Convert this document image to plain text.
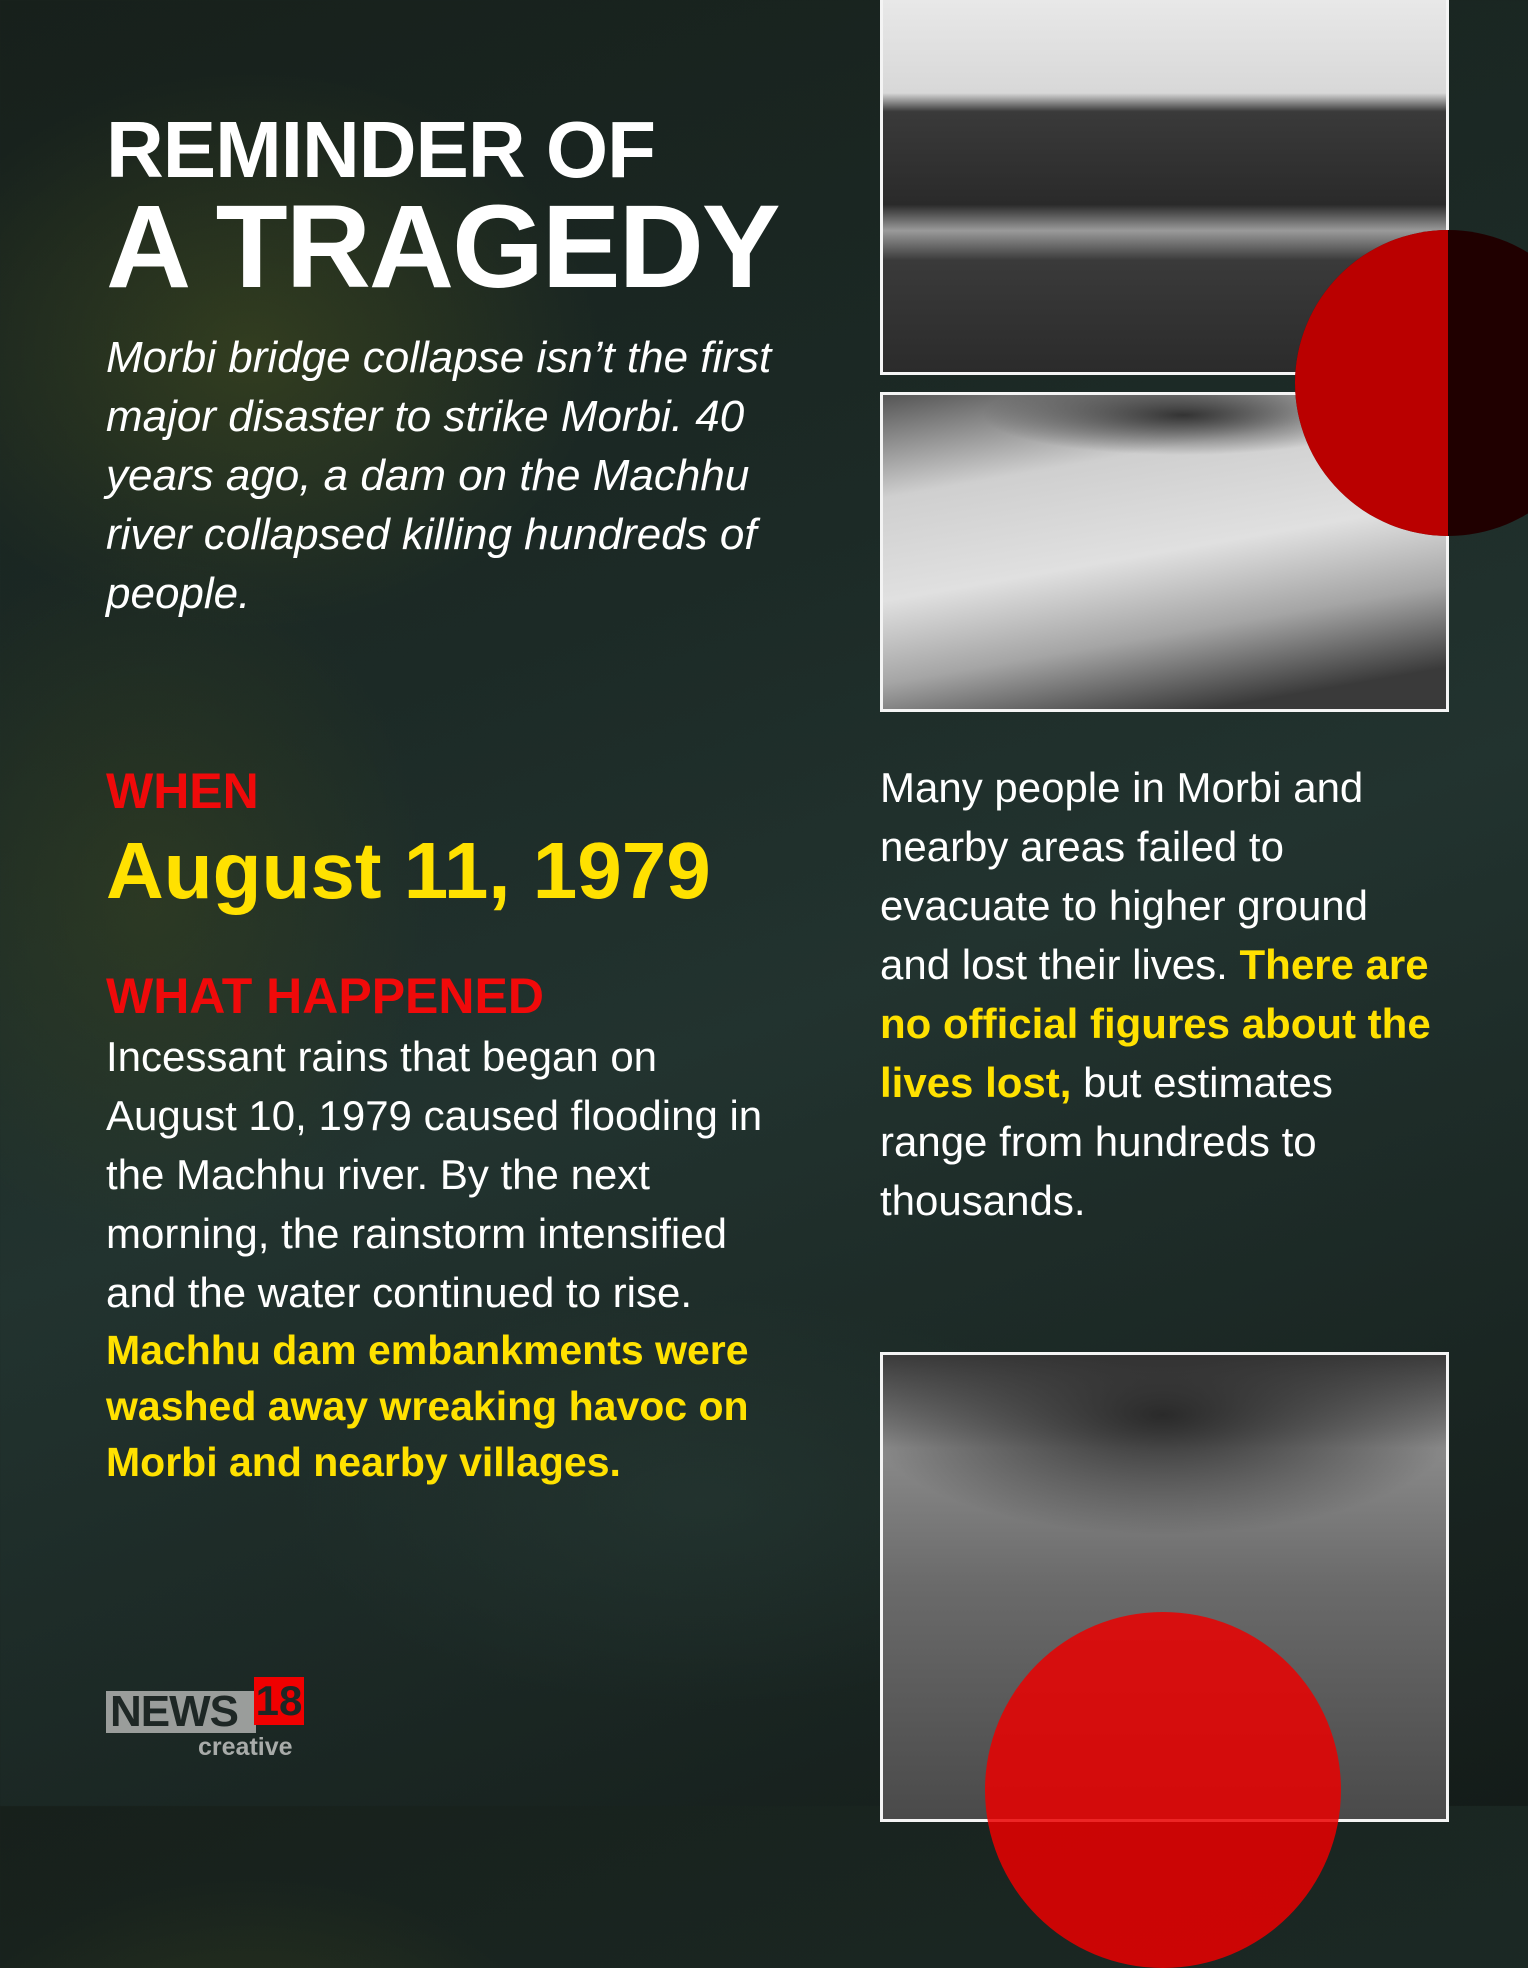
REMINDER OF
A TRAGEDY
Morbi bridge collapse isn’t the first major disaster to strike Morbi. 40 years ago, a dam on the Machhu river collapsed killing hundreds of people.
WHEN
August 11, 1979
WHAT HAPPENED
Incessant rains that began on August 10, 1979 caused flooding in the Machhu river. By the next morning, the rainstorm intensified and the water continued to rise.
Machhu dam embankments were washed away wreaking havoc on Morbi and nearby villages.
Many people in Morbi and nearby areas failed to evacuate to higher ground and lost their lives. There are no official figures about the lives lost, but estimates range from hundreds to thousands.
NEWS 18
creative
